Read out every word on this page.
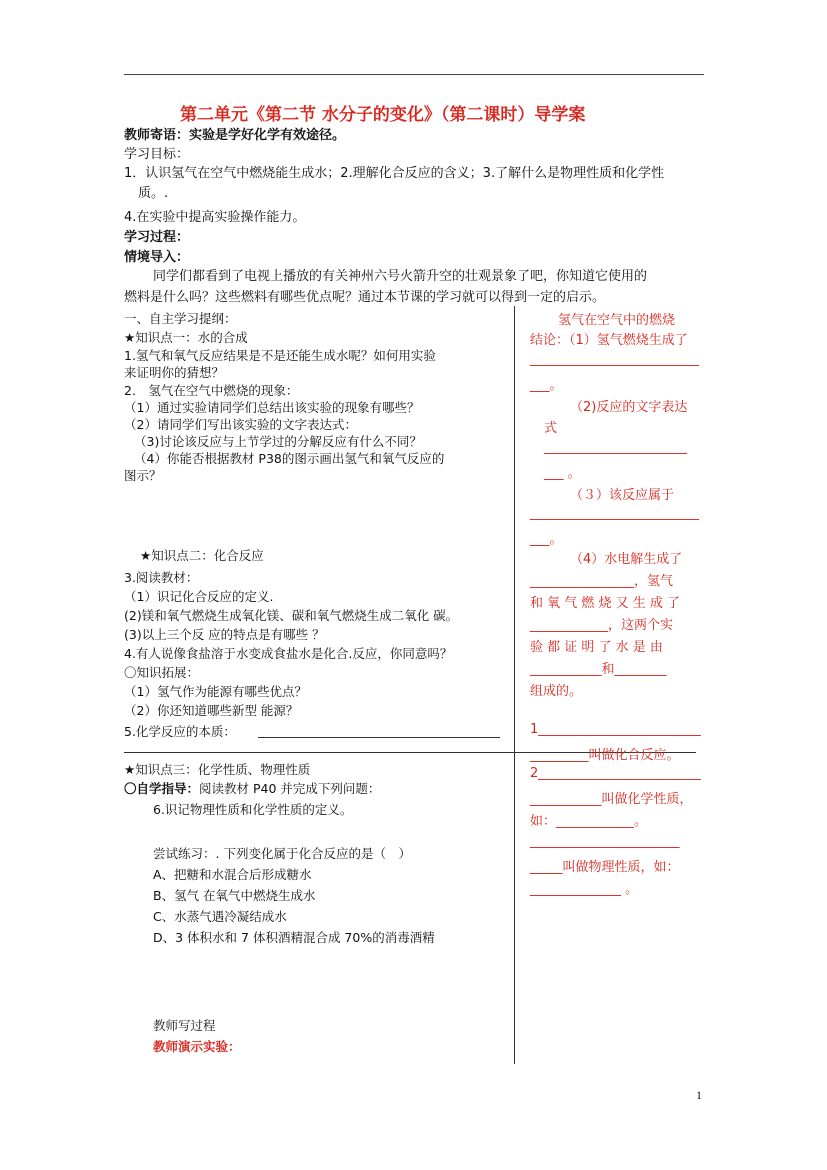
第二单元《第二节 水分子的变化》（第二课时）导学案
教师寄语：实验是学好化学有效途径。
学习目标：
1．认识氢气在空气中燃烧能生成水；2.理解化合反应的含义；3.了解什么是物理性质和化学性
质。.
4.在实验中提高实验操作能力。
学习过程：
情境导入：
同学们都看到了电视上播放的有关神州六号火箭升空的壮观景象了吧，你知道它使用的
燃料是什么吗？这些燃料有哪些优点呢？通过本节课的学习就可以得到一定的启示。
一、自主学习提纲：
★知识点一：水的合成
1.氢气和氧气反应结果是不是还能生成水呢？如何用实验
来证明你的猜想？
2.　氢气在空气中燃烧的现象：
（1）通过实验请同学们总结出该实验的现象有哪些？
（2）请同学们写出该实验的文字表达式：
（3)讨论该反应与上节学过的分解反应有什么不同？
（4）你能否根据教材 P38的图示画出氢气和氧气反应的
图示？
★知识点二：化合反应
3.阅读教材：
（1）识记化合反应的定义.
(2)镁和氧气燃烧生成氧化镁、碳和氧气燃烧生成二氧化 碳。
(3)以上三个反 应的特点是有哪些 ？
4.有人说像食盐溶于水变成食盐水是化合.反应，你同意吗？
〇知识拓展：
（1）氢气作为能源有哪些优点？
（2）你还知道哪些新型 能源？
5.化学反应的本质：
★知识点三：化学性质、物理性质
〇自学指导：阅读教材 P40 并完成下列问题：
6.识记物理性质和化学性质的定义。
尝试练习：. 下列变化属于化合反应的是（　）
A、把糖和水混合后形成糖水
B、氢气 在氧气中燃烧生成水
C、水蒸气遇冷凝结成水
D、3 体积水和 7 体积酒精混合成 70%的消毒酒精
教师写过程
教师演示实验：
氢气在空气中的燃烧
结论：（1）氢气燃烧生成了
__________________________
___。
（2)反应的文字表达
式
______________________
___ 。
（３）该反应属于
__________________________
___。
（4）水电解生成了
________________，氢气
和 氧 气 燃 烧 又 生 成 了
____________，这两个实
验 都 证 明 了 水 是 由
___________和________
组成的。
1_________________________
_________叫做化合反应。
2_________________________
___________叫做化学性质，
如：____________。
_______________________
_____叫做物理性质，如：
______________ 。
1
